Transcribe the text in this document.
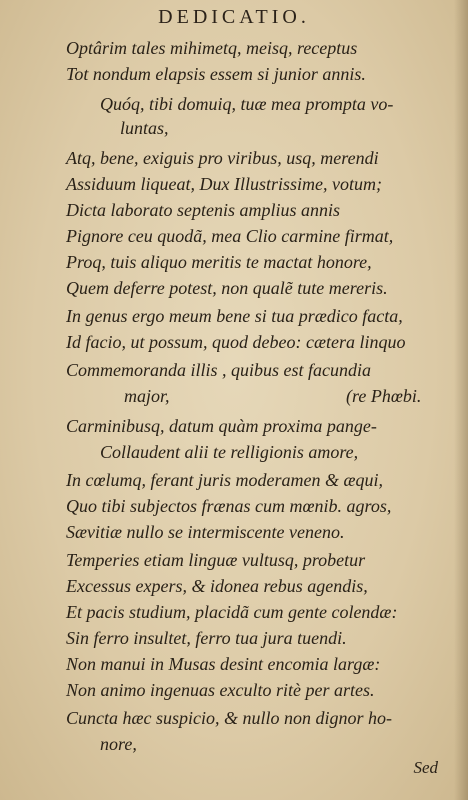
DEDICATIO.
Optârim tales mihimetq, meisq, receptus
Tot nondum elapsis essem si junior annis.
Quóq, tibi domuiq, tuæ mea prompta vo-
luntas,
Atq, bene, exiguis pro viribus, usq, merendi
Assiduum liqueat, Dux Illustrissime, votum;
Dicta laborato septenis amplius annis
Pignore ceu quodã, mea Clio carmine firmat,
Proq, tuis aliquo meritis te mactat honore,
Quem deferre potest, non qualẽ tute mereris.
In genus ergo meum bene si tua prædico facta,
Id facio, ut possum, quod debeo: cætera linquo
Commemoranda illis , quibus est facundia
major,	(re Phœbi.
Carminibusq, datum quàm proxima pange-
Collaudent alii te relligionis amore,
In cœlumq, ferant juris moderamen & æqui,
Quo tibi subjectos frænas cum mœnib. agros,
Sævitiæ nullo se intermiscente veneno.
Temperies etiam linguæ vultusq, probetur
Excessus expers, & idonea rebus agendis,
Et pacis studium, placidã cum gente colendæ:
Sin ferro insultet, ferro tua jura tuendi.
Non manui in Musas desint encomia largæ:
Non animo ingenuas exculto ritè per artes.
Cuncta hæc suspicio, & nullo non dignor ho-
nore,
Sed
